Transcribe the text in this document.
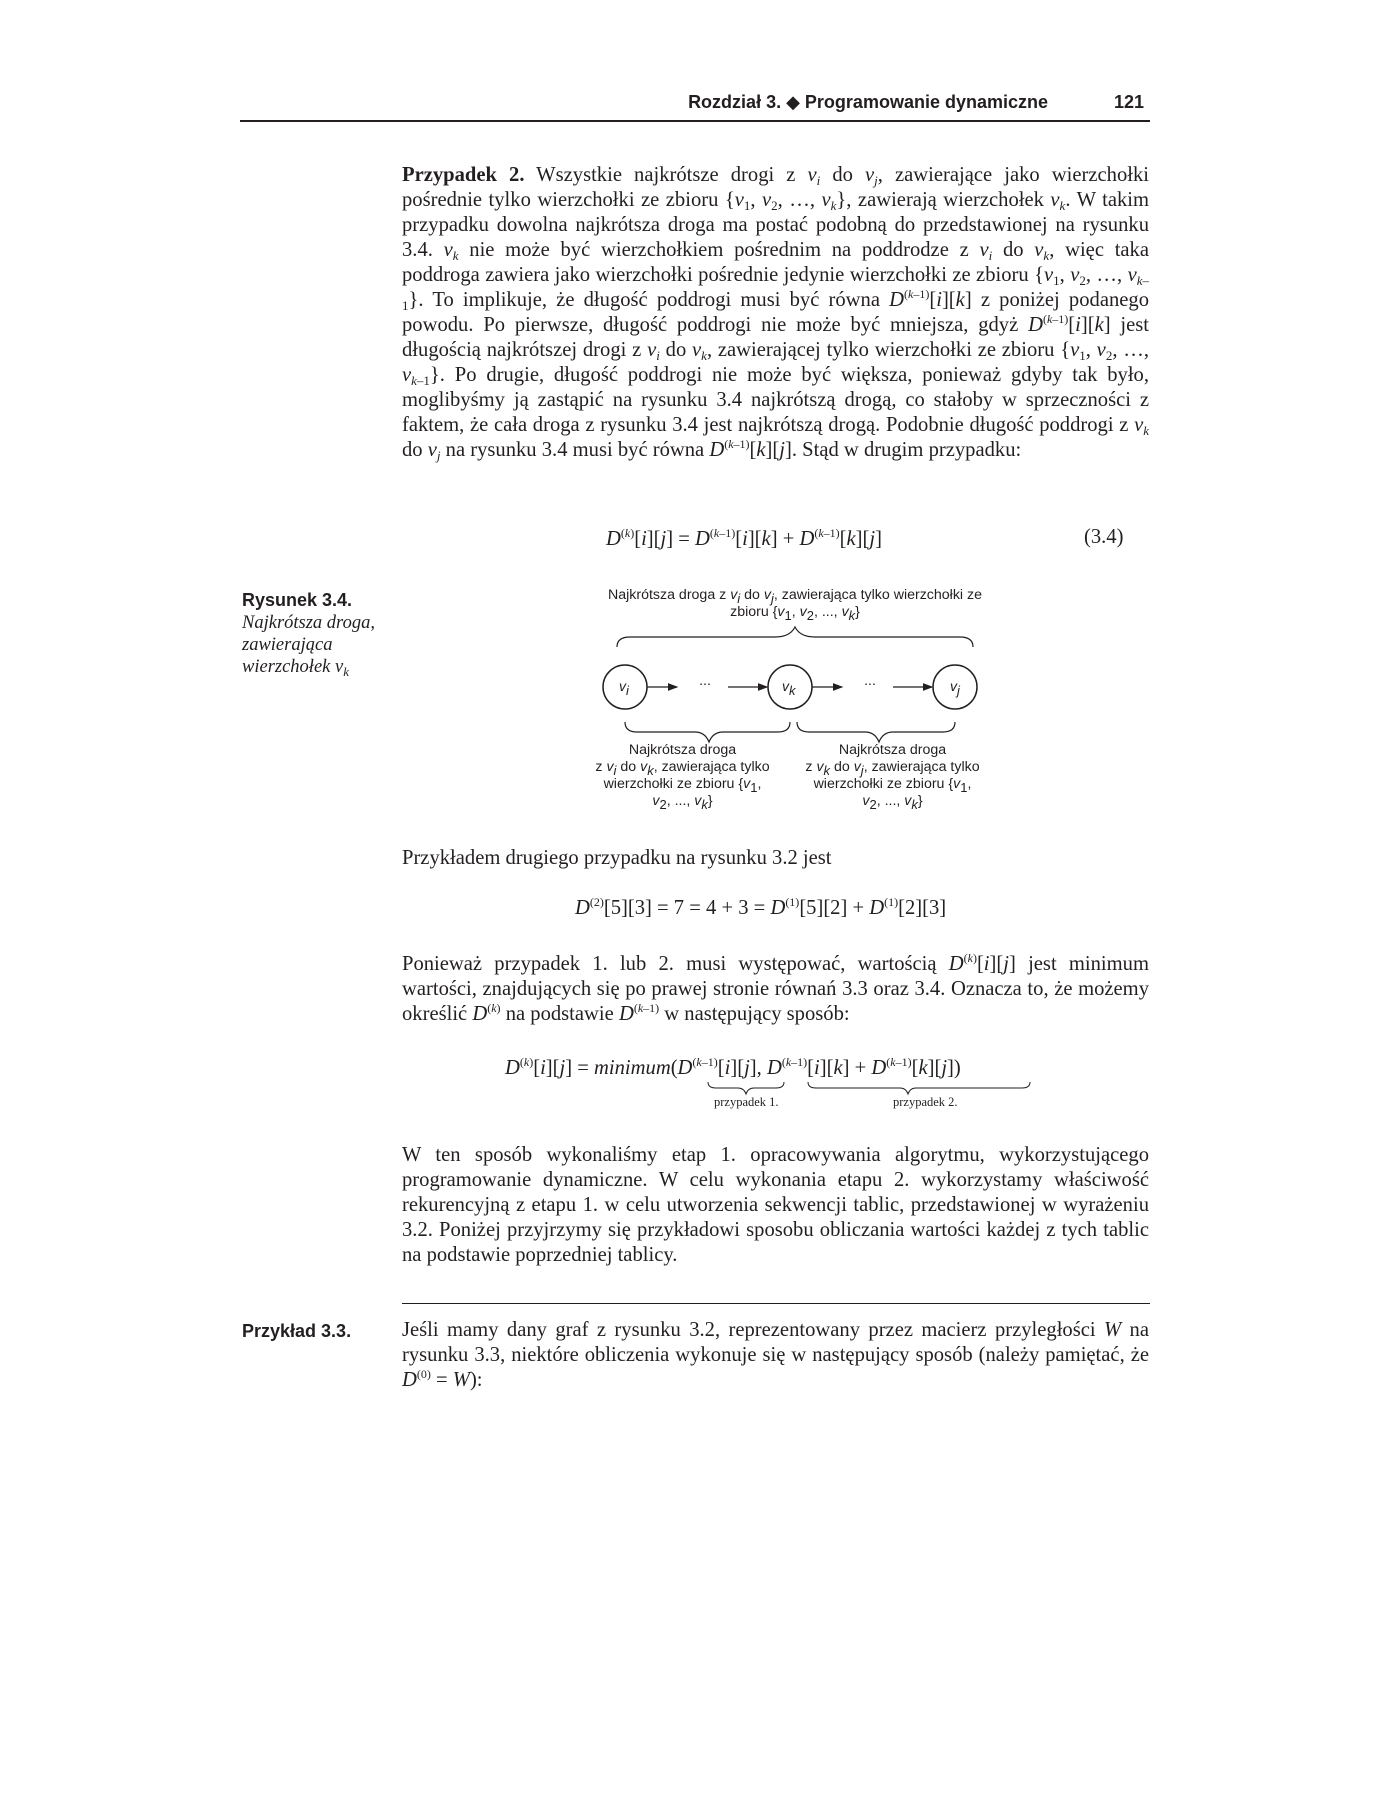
Rozdział 3. ◆ Programowanie dynamiczne	121

Przypadek 2. Wszystkie najkrótsze drogi z $v_i$ do $v_j$, zawierające jako wierzchołki pośrednie tylko wierzchołki ze zbioru {$v_1$, $v_2$, …, $v_k$}, zawierają wierzchołek $v_k$. W takim przypadku dowolna najkrótsza droga ma postać podobną do przedstawionej na rysunku 3.4. $v_k$ nie może być wierzchołkiem pośrednim na poddrodze z $v_i$ do $v_k$, więc taka poddroga zawiera jako wierzchołki pośrednie jedynie wierzchołki ze zbioru {$v_1$, $v_2$, …, $v_{k-1}$}. To implikuje, że długość poddrogi musi być równa $D^{(k-1)}[i][k]$ z poniżej podanego powodu. Po pierwsze, długość poddrogi nie może być mniejsza, gdyż $D^{(k-1)}[i][k]$ jest długością najkrótszej drogi z $v_i$ do $v_k$, zawierającej tylko wierzchołki ze zbioru {$v_1$, $v_2$, …, $v_{k-1}$}. Po drugie, długość poddrogi nie może być większa, ponieważ gdyby tak było, moglibyśmy ją zastąpić na rysunku 3.4 najkrótszą drogą, co stałoby w sprzeczności z faktem, że cała droga z rysunku 3.4 jest najkrótszą drogą. Podobnie długość poddrogi z $v_k$ do $v_j$ na rysunku 3.4 musi być równa $D^{(k-1)}[k][j]$. Stąd w drugim przypadku:

$D^{(k)}[i][j] = D^{(k-1)}[i][k] + D^{(k-1)}[k][j]$	(3.4)
Rysunek 3.4.
Najkrótsza droga, zawierająca wierzchołek $v_k$
$v_i$	$v_k$	$v_j$
...	...
Najkrótsza droga z $v_i$ do $v_j$, zawierająca tylko wierzchołki ze zbioru {$v_1$, $v_2$, ..., $v_k$}
Najkrótsza droga
z $v_i$ do $v_k$, zawierająca tylko wierzchołki ze zbioru {$v_1$, $v_2$, ..., $v_k$}
Najkrótsza droga
z $v_k$ do $v_j$, zawierająca tylko wierzchołki ze zbioru {$v_1$, $v_2$, ..., $v_k$}

Przykładem drugiego przypadku na rysunku 3.2 jest

$D^{(2)}[5][3] = 7 = 4 + 3 = D^{(1)}[5][2] + D^{(1)}[2][3]$

Ponieważ przypadek 1. lub 2. musi występować, wartością $D^{(k)}[i][j]$ jest minimum wartości, znajdujących się po prawej stronie równań 3.3 oraz 3.4. Oznacza to, że możemy określić $D^{(k)}$ na podstawie $D^{(k-1)}$ w następujący sposób:

$D^{(k)}[i][j]$ = $minimum(D^{(k-1)}[i][j]$, $D^{(k-1)}[i][k] + D^{(k-1)}[k][j]$)
przypadek 1.	przypadek 2.

W ten sposób wykonaliśmy etap 1. opracowywania algorytmu, wykorzystującego programowanie dynamiczne. W celu wykonania etapu 2. wykorzystamy właściwość rekurencyjną z etapu 1. w celu utworzenia sekwencji tablic, przedstawionej w wyrażeniu 3.2. Poniżej przyjrzymy się przykładowi sposobu obliczania wartości każdej z tych tablic na podstawie poprzedniej tablicy.

Przykład 3.3. Jeśli mamy dany graf z rysunku 3.2, reprezentowany przez macierz przyległości W na rysunku 3.3, niektóre obliczenia wykonuje się w następujący sposób (należy pamiętać, że $D^{(0)} = W$):
